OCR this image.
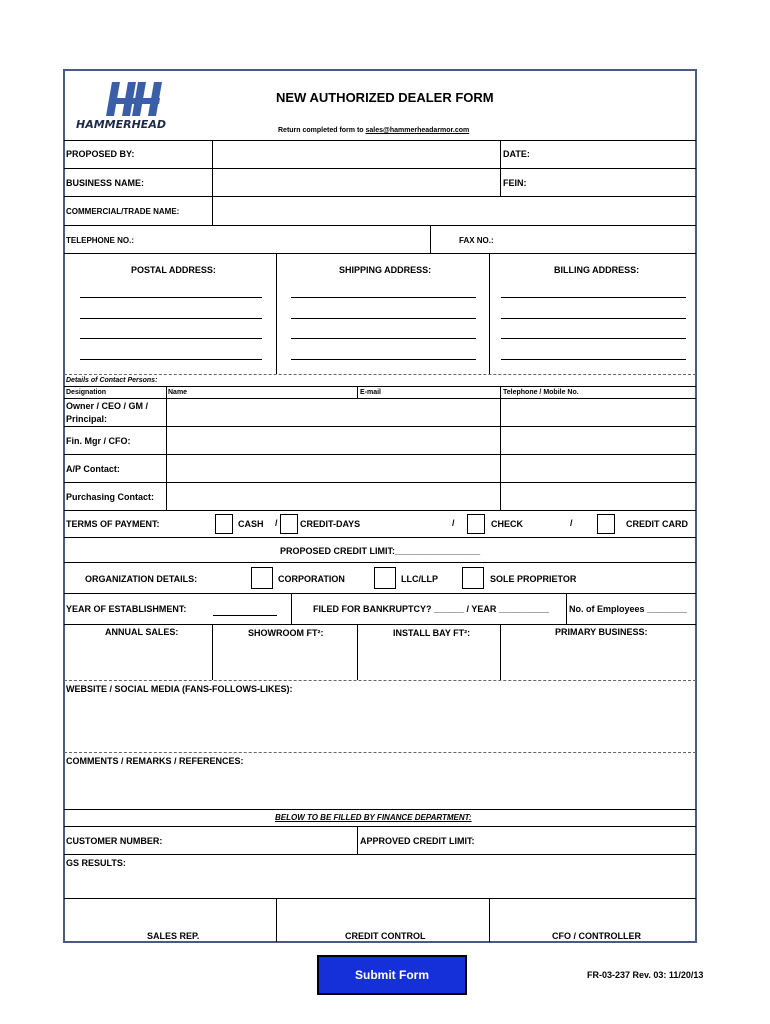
HAMMERHEAD
NEW AUTHORIZED DEALER FORM
Return completed form to sales@hammerheadarmor.com
PROPOSED BY:	DATE:
BUSINESS NAME:	FEIN:
COMMERCIAL/TRADE NAME:
TELEPHONE NO.:	FAX NO.:
POSTAL ADDRESS:	SHIPPING ADDRESS:	BILLING ADDRESS:
Details of Contact Persons:
Designation	Name	E-mail	Telephone / Mobile No.
Owner / CEO / GM / Principal:
Fin. Mgr / CFO:
A/P Contact:
Purchasing Contact:
TERMS OF PAYMENT:	CASH / CREDIT-DAYS	/	CHECK	/	CREDIT CARD
PROPOSED CREDIT LIMIT:_________________
ORGANIZATION DETAILS:	CORPORATION	LLC/LLP	SOLE PROPRIETOR
YEAR OF ESTABLISHMENT:	FILED FOR BANKRUPTCY? ______ / YEAR __________ No. of Employees ________
ANNUAL SALES:	SHOWROOM FT²:	INSTALL BAY FT²:	PRIMARY BUSINESS:
WEBSITE / SOCIAL MEDIA (FANS-FOLLOWS-LIKES):
COMMENTS / REMARKS / REFERENCES:
BELOW TO BE FILLED BY FINANCE DEPARTMENT:
CUSTOMER NUMBER:	APPROVED CREDIT LIMIT:
GS RESULTS:
SALES REP.	CREDIT CONTROL	CFO / CONTROLLER
Submit Form	FR-03-237 Rev. 03: 11/20/13
